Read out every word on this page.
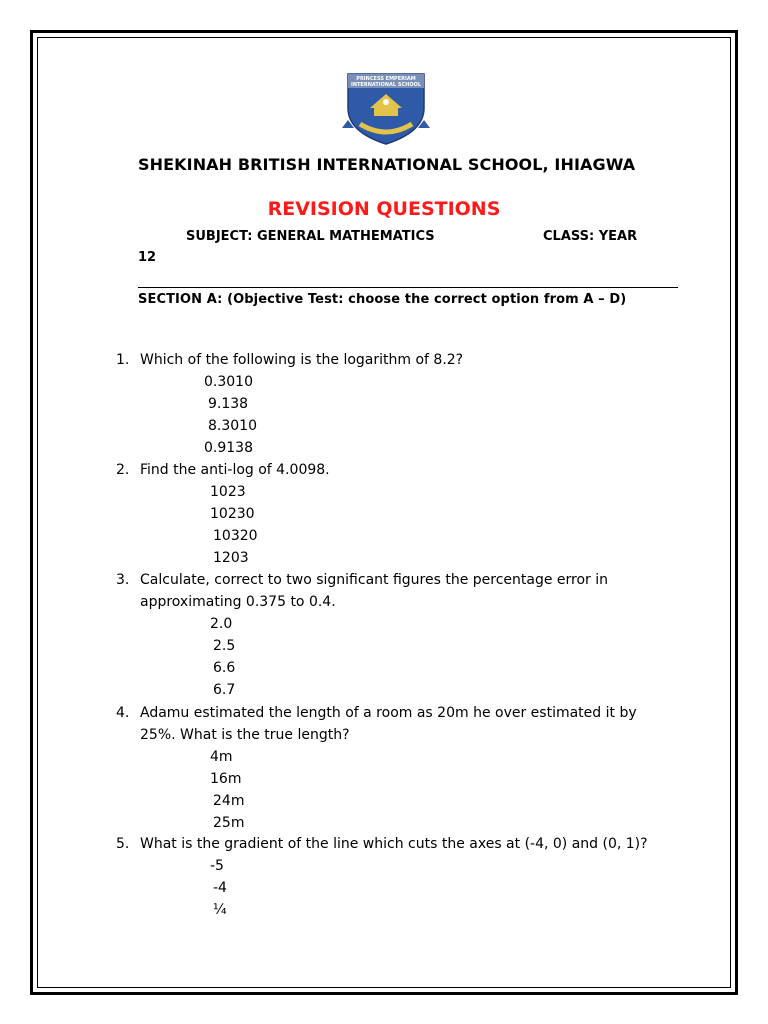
PRINCESS EMPERIAM
INTERNATIONAL SCHOOL
SHEKINAH BRITISH INTERNATIONAL SCHOOL, IHIAGWA
REVISION QUESTIONS
SUBJECT: GENERAL MATHEMATICS	CLASS: YEAR
12
SECTION A: (Objective Test: choose the correct option from A – D)
1. Which of the following is the logarithm of 8.2?
0.3010
9.138
8.3010
0.9138
2. Find the anti-log of 4.0098.
1023
10230
10320
1203
3. Calculate, correct to two significant figures the percentage error in
approximating 0.375 to 0.4.
2.0
2.5
6.6
6.7
4. Adamu estimated the length of a room as 20m he over estimated it by
25%. What is the true length?
4m
16m
24m
25m
5. What is the gradient of the line which cuts the axes at (-4, 0) and (0, 1)?
-5
-4
¼
